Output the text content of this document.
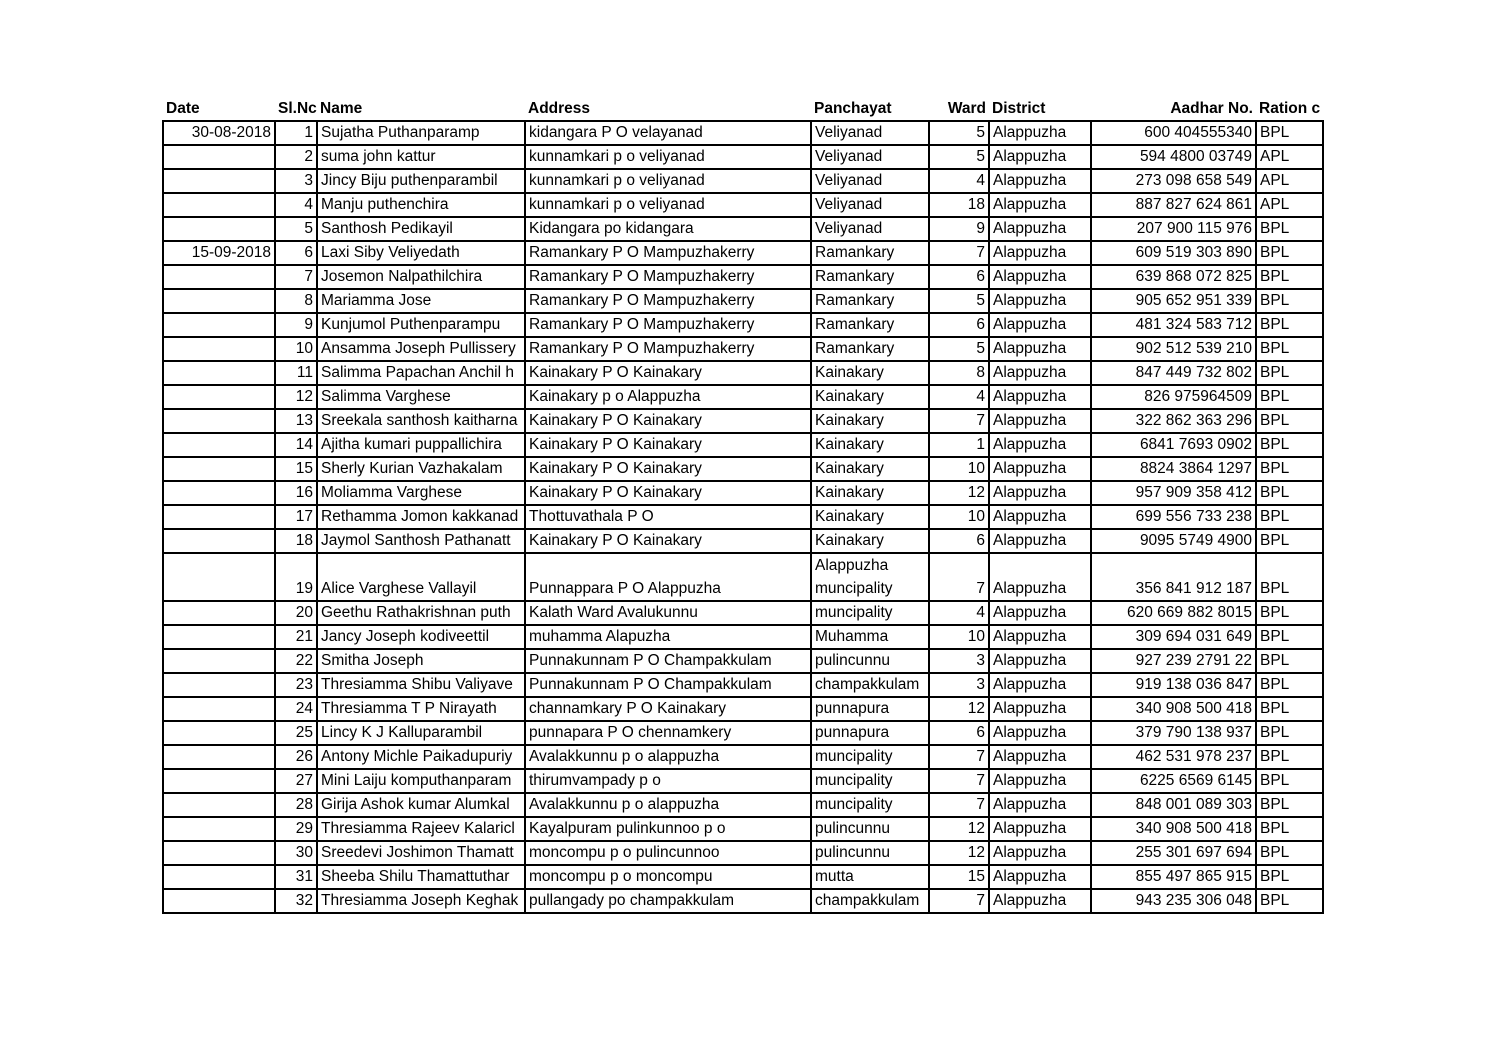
Date	Sl.Nc	Name	Address	Panchayat	Ward	District	Aadhar No.	Ration c
30-08-2018	1	Sujatha Puthanparamp	kidangara P O velayanad	Veliyanad	5	Alappuzha	600 404555340	BPL
	2	suma john kattur	kunnamkari p o veliyanad	Veliyanad	5	Alappuzha	594 4800 03749	APL
	3	Jincy Biju puthenparambil	kunnamkari p o veliyanad	Veliyanad	4	Alappuzha	273 098 658 549	APL
	4	Manju puthenchira	kunnamkari p o veliyanad	Veliyanad	18	Alappuzha	887 827 624 861	APL
	5	Santhosh Pedikayil	Kidangara po kidangara	Veliyanad	9	Alappuzha	207 900 115 976	BPL
15-09-2018	6	Laxi Siby Veliyedath	Ramankary P O Mampuzhakerry	Ramankary	7	Alappuzha	609 519 303 890	BPL
	7	Josemon Nalpathilchira	Ramankary P O Mampuzhakerry	Ramankary	6	Alappuzha	639 868 072 825	BPL
	8	Mariamma Jose	Ramankary P O Mampuzhakerry	Ramankary	5	Alappuzha	905 652 951 339	BPL
	9	Kunjumol Puthenparampu	Ramankary P O Mampuzhakerry	Ramankary	6	Alappuzha	481 324 583 712	BPL
	10	Ansamma Joseph Pullissery	Ramankary P O Mampuzhakerry	Ramankary	5	Alappuzha	902 512 539 210	BPL
	11	Salimma Papachan Anchil h	Kainakary P O Kainakary	Kainakary	8	Alappuzha	847 449 732 802	BPL
	12	Salimma Varghese	Kainakary p o Alappuzha	Kainakary	4	Alappuzha	826 975964509	BPL
	13	Sreekala santhosh kaitharna	Kainakary P O Kainakary	Kainakary	7	Alappuzha	322 862 363 296	BPL
	14	Ajitha kumari puppallichira	Kainakary P O Kainakary	Kainakary	1	Alappuzha	6841 7693 0902	BPL
	15	Sherly Kurian Vazhakalam	Kainakary P O Kainakary	Kainakary	10	Alappuzha	8824 3864 1297	BPL
	16	Moliamma Varghese	Kainakary P O Kainakary	Kainakary	12	Alappuzha	957 909 358 412	BPL
	17	Rethamma Jomon kakkanad	Thottuvathala P O	Kainakary	10	Alappuzha	699 556 733 238	BPL
	18	Jaymol Santhosh Pathanatt	Kainakary P O Kainakary	Kainakary	6	Alappuzha	9095 5749 4900	BPL
	19	Alice Varghese Vallayil	Punnappara P O Alappuzha	Alappuzha muncipality	7	Alappuzha	356 841 912 187	BPL
	20	Geethu Rathakrishnan puth	Kalath Ward Avalukunnu	muncipality	4	Alappuzha	620 669 882 8015	BPL
	21	Jancy Joseph kodiveettil	muhamma Alapuzha	Muhamma	10	Alappuzha	309 694 031 649	BPL
	22	Smitha Joseph	Punnakunnam P O Champakkulam	pulincunnu	3	Alappuzha	927 239 2791 22	BPL
	23	Thresiamma Shibu Valiyave	Punnakunnam P O Champakkulam	champakkulam	3	Alappuzha	919 138 036 847	BPL
	24	Thresiamma T P Nirayath	channamkary P O Kainakary	punnapura	12	Alappuzha	340 908 500 418	BPL
	25	Lincy K J Kalluparambil	punnapara P O chennamkery	punnapura	6	Alappuzha	379 790 138 937	BPL
	26	Antony Michle Paikadupuriy	Avalakkunnu p o alappuzha	muncipality	7	Alappuzha	462 531 978 237	BPL
	27	Mini Laiju komputhanparam	thirumvampady p o	muncipality	7	Alappuzha	6225 6569 6145	BPL
	28	Girija Ashok kumar Alumkal	Avalakkunnu p o alappuzha	muncipality	7	Alappuzha	848 001 089 303	BPL
	29	Thresiamma Rajeev Kalaricl	Kayalpuram pulinkunnoo p o	pulincunnu	12	Alappuzha	340 908 500 418	BPL
	30	Sreedevi Joshimon Thamatt	moncompu p o pulincunnoo	pulincunnu	12	Alappuzha	255 301 697 694	BPL
	31	Sheeba Shilu Thamattuthar	moncompu p o moncompu	mutta	15	Alappuzha	855 497 865 915	BPL
	32	Thresiamma Joseph Keghak	pullangady po champakkulam	champakkulam	7	Alappuzha	943 235 306 048	BPL
